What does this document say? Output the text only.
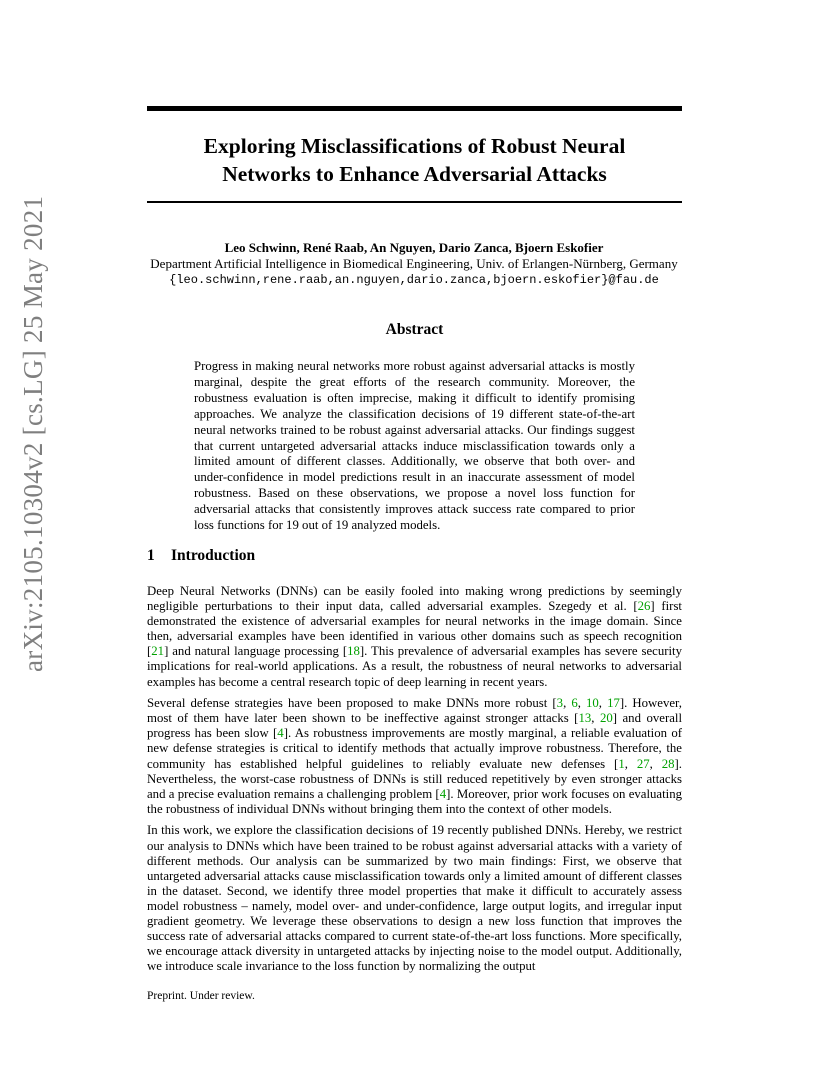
arXiv:2105.10304v2 [cs.LG] 25 May 2021
Exploring Misclassifications of Robust Neural
Networks to Enhance Adversarial Attacks
Leo Schwinn, René Raab, An Nguyen, Dario Zanca, Bjoern Eskofier
Department Artificial Intelligence in Biomedical Engineering, Univ. of Erlangen-Nürnberg, Germany
{leo.schwinn,rene.raab,an.nguyen,dario.zanca,bjoern.eskofier}@fau.de
Abstract

Progress in making neural networks more robust against adversarial attacks is mostly marginal, despite the great efforts of the research community. Moreover, the robustness evaluation is often imprecise, making it difficult to identify promising approaches. We analyze the classification decisions of 19 different state-of-the-art neural networks trained to be robust against adversarial attacks. Our findings suggest that current untargeted adversarial attacks induce misclassification towards only a limited amount of different classes. Additionally, we observe that both over- and under-confidence in model predictions result in an inaccurate assessment of model robustness. Based on these observations, we propose a novel loss function for adversarial attacks that consistently improves attack success rate compared to prior loss functions for 19 out of 19 analyzed models.

1 Introduction

Deep Neural Networks (DNNs) can be easily fooled into making wrong predictions by seemingly negligible perturbations to their input data, called adversarial examples. Szegedy et al. [26] first demonstrated the existence of adversarial examples for neural networks in the image domain. Since then, adversarial examples have been identified in various other domains such as speech recognition [21] and natural language processing [18]. This prevalence of adversarial examples has severe security implications for real-world applications. As a result, the robustness of neural networks to adversarial examples has become a central research topic of deep learning in recent years.

Several defense strategies have been proposed to make DNNs more robust [3, 6, 10, 17]. However, most of them have later been shown to be ineffective against stronger attacks [13, 20] and overall progress has been slow [4]. As robustness improvements are mostly marginal, a reliable evaluation of new defense strategies is critical to identify methods that actually improve robustness. Therefore, the community has established helpful guidelines to reliably evaluate new defenses [1, 27, 28]. Nevertheless, the worst-case robustness of DNNs is still reduced repetitively by even stronger attacks and a precise evaluation remains a challenging problem [4]. Moreover, prior work focuses on evaluating the robustness of individual DNNs without bringing them into the context of other models.

In this work, we explore the classification decisions of 19 recently published DNNs. Hereby, we restrict our analysis to DNNs which have been trained to be robust against adversarial attacks with a variety of different methods. Our analysis can be summarized by two main findings: First, we observe that untargeted adversarial attacks cause misclassification towards only a limited amount of different classes in the dataset. Second, we identify three model properties that make it difficult to accurately assess model robustness – namely, model over- and under-confidence, large output logits, and irregular input gradient geometry. We leverage these observations to design a new loss function that improves the success rate of adversarial attacks compared to current state-of-the-art loss functions. More specifically, we encourage attack diversity in untargeted attacks by injecting noise to the model output. Additionally, we introduce scale invariance to the loss function by normalizing the output

Preprint. Under review.
